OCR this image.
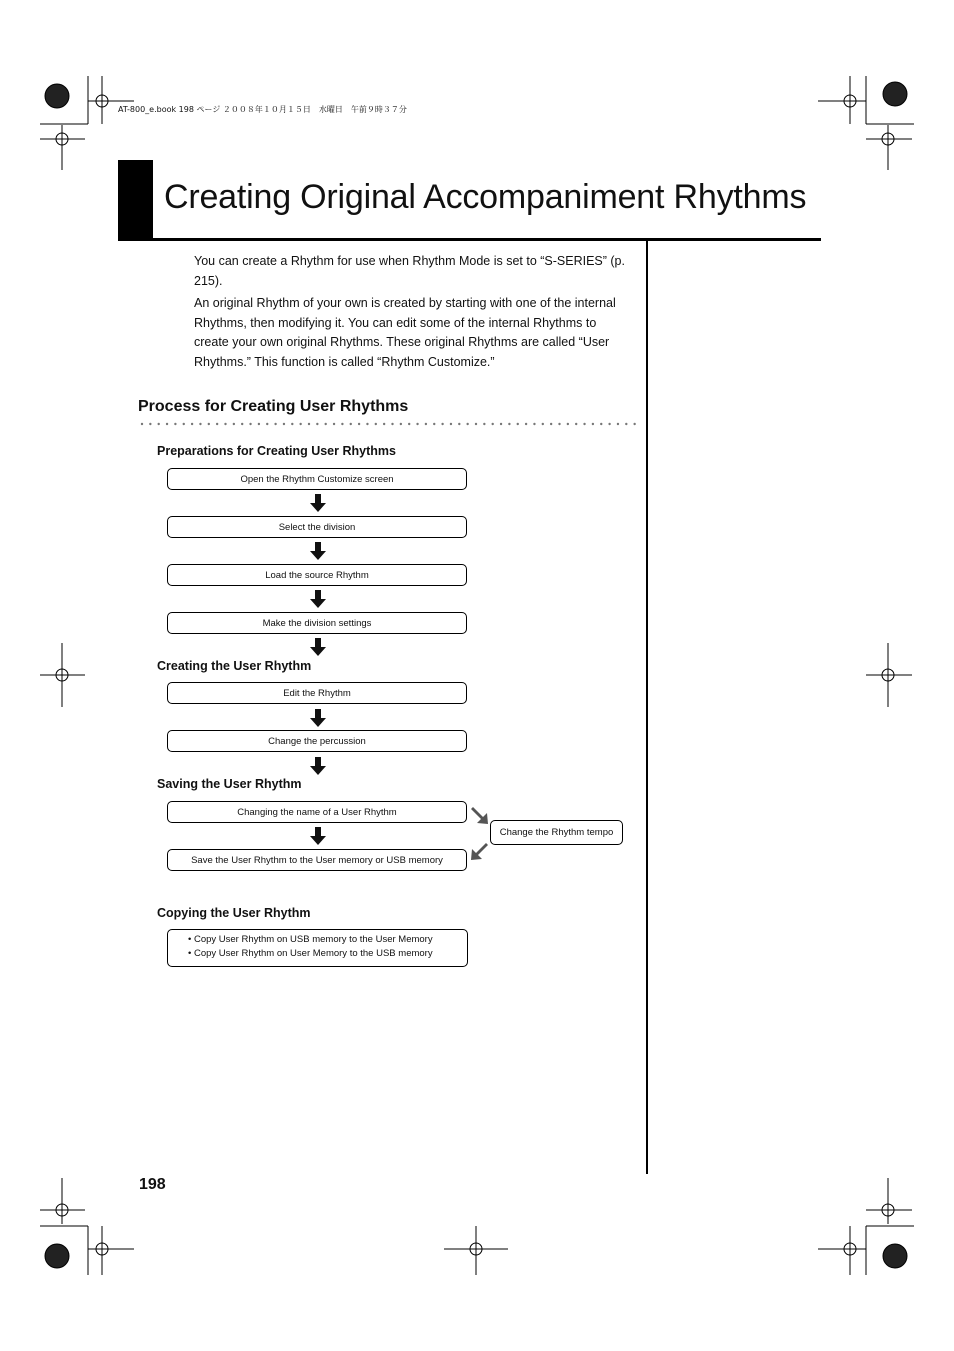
AT-800_e.book 198 ページ ２００８年１０月１５日　水曜日　午前９時３７分
Creating Original Accompaniment Rhythms
You can create a Rhythm for use when Rhythm Mode is set to “S-SERIES” (p. 215).
An original Rhythm of your own is created by starting with one of the internal Rhythms, then modifying it. You can edit some of the internal Rhythms to create your own original Rhythms. These original Rhythms are called “User Rhythms.” This function is called “Rhythm Customize.”
Process for Creating User Rhythms
Preparations for Creating User Rhythms
Open the Rhythm Customize screen
Select the division
Load the source Rhythm
Make the division settings
Creating the User Rhythm
Edit the Rhythm
Change the percussion
Saving the User Rhythm
Changing the name of a User Rhythm
Save the User Rhythm to the User memory or USB memory
Change the Rhythm tempo
Copying the User Rhythm
• Copy User Rhythm on USB memory to the User Memory
• Copy User Rhythm on User Memory to the USB memory
198
